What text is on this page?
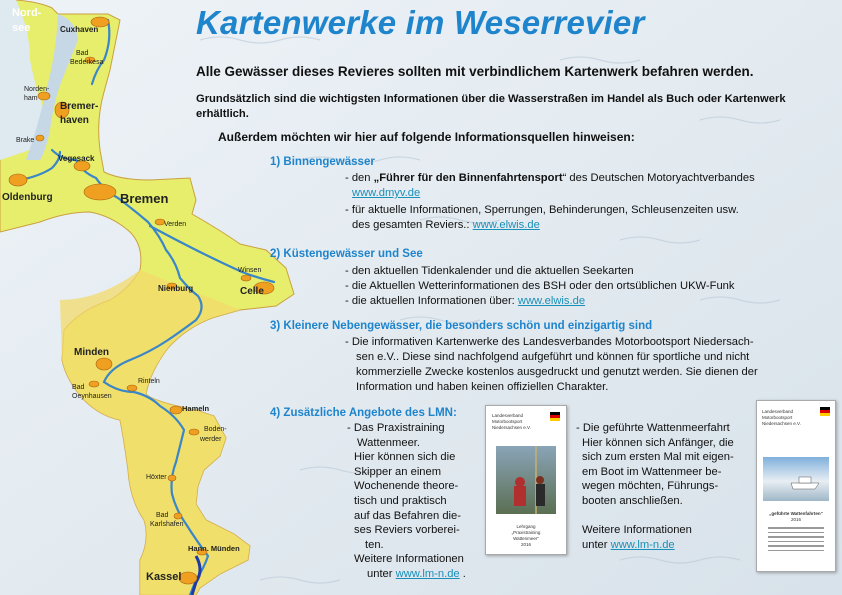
Nord-
see	Cuxhaven
Bad
Bederkesa
Norden-
ham
Bremer-
haven
Brake
Vegesack
Oldenburg	Bremen
Verden
Winsen
Nienburg	Celle
Minden
Rinteln
Bad
Oeynhausen
Hameln
Boden-
werder
Höxter
Bad
Karlshafen
Hann. Münden
Kassel
Kartenwerke im Weserrevier
Alle Gewässer dieses Revieres sollten mit verbindlichem Kartenwerk befahren werden.
Grundsätzlich sind die wichtigsten Informationen über die Wasserstraßen im Handel als Buch oder Kartenwerk erhältlich.
Außerdem möchten wir hier auf folgende Informationsquellen hinweisen:
1) Binnengewässer
- den „Führer für den Binnenfahrtensport“ des Deutschen Motoryachtverbandes
www.dmyv.de
- für aktuelle Informationen, Sperrungen, Behinderungen, Schleusenzeiten usw.
des gesamten Reviers.: www.elwis.de
2) Küstengewässer und See
- den aktuellen Tidenkalender und die aktuellen Seekarten
- die Aktuellen Wetterinformationen des BSH oder den ortsüblichen UKW-Funk
- die aktuellen Informationen über: www.elwis.de
3) Kleinere Nebengewässer, die besonders schön und einzigartig sind
- Die informativen Kartenwerke des Landesverbandes Motorbootsport Niedersach-
sen e.V.. Diese sind nachfolgend aufgeführt und können für sportliche und nicht
kommerzielle Zwecke kostenlos ausgedruckt und genutzt werden. Sie dienen der
Information und haben keinen offiziellen Charakter.
4) Zusätzliche Angebote des LMN:
- Das Praxistraining
Wattenmeer.
Hier können sich die
Skipper an einem
Wochenende theore-
tisch und praktisch
auf das Befahren die-
ses Reviers vorberei-
ten.
Weitere Informationen
unter www.lm-n.de .
Landesverband
Motorbootsport
Niedersachsen e.V.
Lehrgang
„Praxistraining
Wattenmeer“
2016
- Die geführte Wattenmeerfahrt
Hier können sich Anfänger, die
sich zum ersten Mal mit eigen-
em Boot im Wattenmeer be-
wegen möchten, Führungs-
booten anschließen.
Weitere Informationen
unter www.lm-n.de
Landesverband
Motorbootsport
Niedersachsen e.V.
„geführte Wattenfahrten“
2016
